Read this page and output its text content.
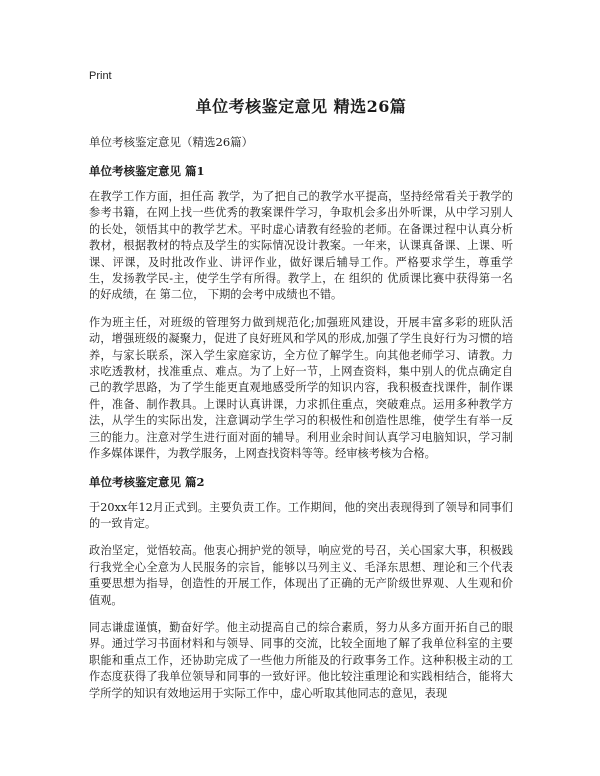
Print
单位考核鉴定意见 精选26篇

单位考核鉴定意见（精选26篇）

单位考核鉴定意见 篇1

在教学工作方面，担任高 教学，为了把自己的教学水平提高，坚持经常看关于教学的参考书籍，在网上找一些优秀的教案课件学习，争取机会多出外听课，从中学习别人的长处，领悟其中的教学艺术。平时虚心请教有经验的老师。在备课过程中认真分析教材，根据教材的特点及学生的实际情况设计教案。一年来，认课真备课、上课、听课、评课，及时批改作业、讲评作业，做好课后辅导工作。严格要求学生，尊重学生，发扬教学民-主，使学生学有所得。教学上，在 组织的 优质课比赛中获得第一名的好成绩，在 第二位， 下期的会考中成绩也不错。

作为班主任，对班级的管理努力做到规范化;加强班风建设，开展丰富多彩的班队活动，增强班级的凝聚力，促进了良好班风和学风的形成,加强了学生良好行为习惯的培养，与家长联系，深入学生家庭家访，全方位了解学生。向其他老师学习、请教。力求吃透教材，找准重点、难点。为了上好一节，上网查资料，集中别人的优点确定自己的教学思路，为了学生能更直观地感受所学的知识内容，我积极查找课件，制作课件，准备、制作教具。上课时认真讲课，力求抓住重点，突破难点。运用多种教学方法，从学生的实际出发，注意调动学生学习的积极性和创造性思维，使学生有举一反三的能力。注意对学生进行面对面的辅导。利用业余时间认真学习电脑知识，学习制作多媒体课件，为教学服务，上网查找资料等等。经审核考核为合格。

单位考核鉴定意见 篇2

于20xx年12月正式到。主要负责工作。工作期间，他的突出表现得到了领导和同事们的一致肯定。

政治坚定，觉悟较高。他衷心拥护党的领导，响应党的号召，关心国家大事，积极践行我党全心全意为人民服务的宗旨，能够以马列主义、毛泽东思想、理论和三个代表重要思想为指导，创造性的开展工作，体现出了正确的无产阶级世界观、人生观和价值观。

同志谦虚谨慎，勤奋好学。他主动提高自己的综合素质，努力从多方面开拓自己的眼界。通过学习书面材料和与领导、同事的交流，比较全面地了解了我单位科室的主要职能和重点工作，还协助完成了一些他力所能及的行政事务工作。这种积极主动的工作态度获得了我单位领导和同事的一致好评。他比较注重理论和实践相结合，能将大学所学的知识有效地运用于实际工作中，虚心听取其他同志的意见，表现
